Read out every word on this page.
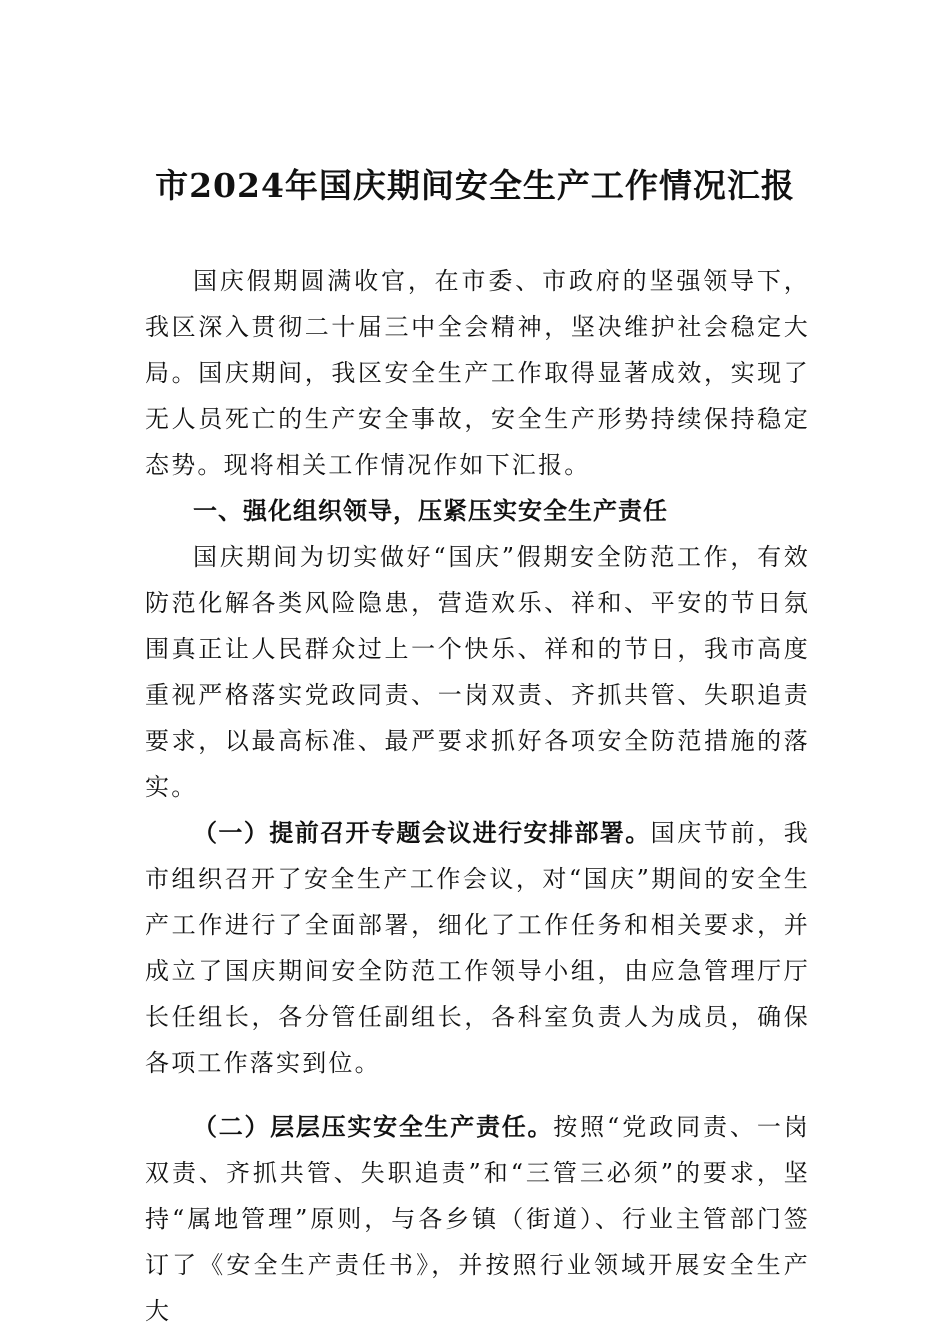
市2024年国庆期间安全生产工作情况汇报

国庆假期圆满收官，在市委、市政府的坚强领导下，我区深入贯彻二十届三中全会精神，坚决维护社会稳定大局。国庆期间，我区安全生产工作取得显著成效，实现了无人员死亡的生产安全事故，安全生产形势持续保持稳定态势。现将相关工作情况作如下汇报。

一、强化组织领导，压紧压实安全生产责任

国庆期间为切实做好“国庆”假期安全防范工作，有效防范化解各类风险隐患，营造欢乐、祥和、平安的节日氛围真正让人民群众过上一个快乐、祥和的节日，我市高度重视严格落实党政同责、一岗双责、齐抓共管、失职追责要求，以最高标准、最严要求抓好各项安全防范措施的落实。

（一）提前召开专题会议进行安排部署。国庆节前，我市组织召开了安全生产工作会议，对“国庆”期间的安全生产工作进行了全面部署，细化了工作任务和相关要求，并成立了国庆期间安全防范工作领导小组，由应急管理厅厅长任组长，各分管任副组长，各科室负责人为成员，确保各项工作落实到位。

（二）层层压实安全生产责任。按照“党政同责、一岗双责、齐抓共管、失职追责”和“三管三必须”的要求，坚持“属地管理”原则，与各乡镇（街道）、行业主管部门签订了《安全生产责任书》，并按照行业领域开展安全生产大
